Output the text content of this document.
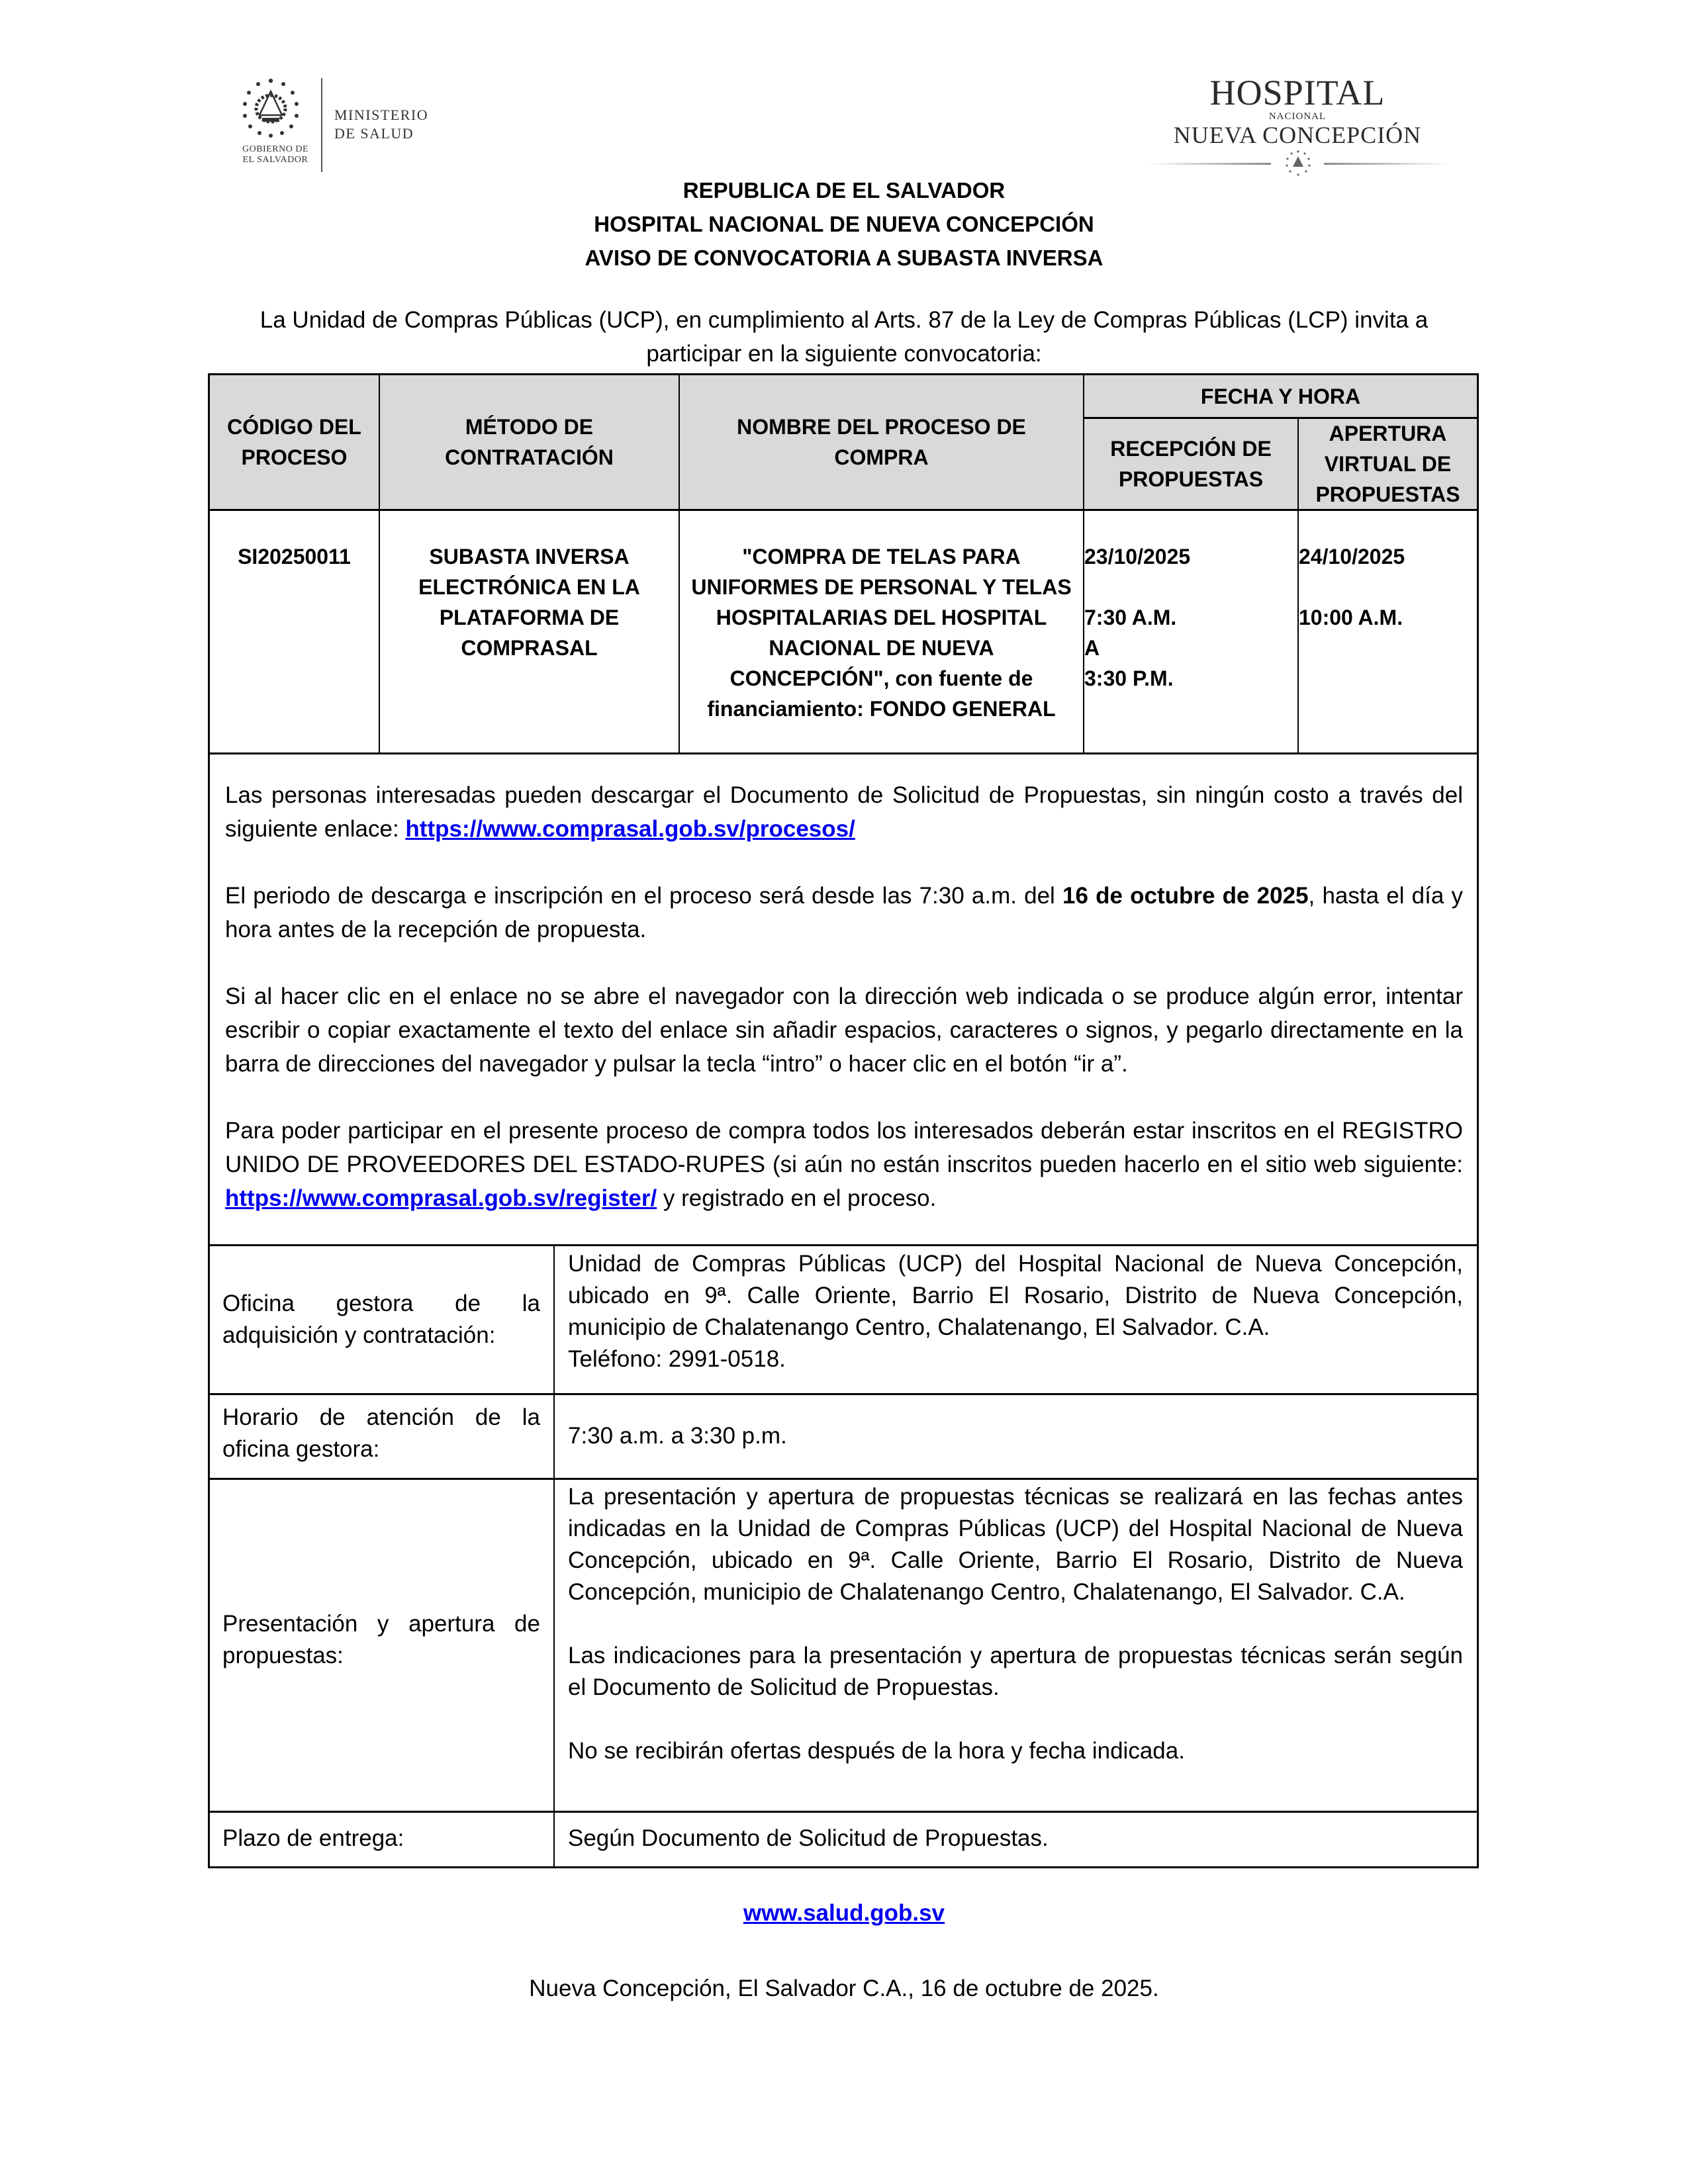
GOBIERNO DE
EL SALVADOR
MINISTERIO
DE SALUD
HOSPITAL
NACIONAL
NUEVA CONCEPCIÓN
REPUBLICA DE EL SALVADOR
HOSPITAL NACIONAL DE NUEVA CONCEPCIÓN
AVISO DE CONVOCATORIA A SUBASTA INVERSA
La Unidad de Compras Públicas (UCP), en cumplimiento al Arts. 87 de la Ley de Compras Públicas (LCP) invita a participar en la siguiente convocatoria:
CÓDIGO DEL PROCESO
MÉTODO DE CONTRATACIÓN
NOMBRE DEL PROCESO DE COMPRA
FECHA Y HORA
RECEPCIÓN DE PROPUESTAS
APERTURA VIRTUAL DE PROPUESTAS
SI20250011	SUBASTA INVERSA ELECTRÓNICA EN LA PLATAFORMA DE COMPRASAL
"COMPRA DE TELAS PARA UNIFORMES DE PERSONAL Y TELAS HOSPITALARIAS DEL HOSPITAL NACIONAL DE NUEVA CONCEPCIÓN", con fuente de financiamiento: FONDO GENERAL
23/10/2025
7:30 A.M.
A
3:30 P.M.
24/10/2025
10:00 A.M.
Las personas interesadas pueden descargar el Documento de Solicitud de Propuestas, sin ningún costo a través del siguiente enlace: https://www.comprasal.gob.sv/procesos/
El periodo de descarga e inscripción en el proceso será desde las 7:30 a.m. del 16 de octubre de 2025, hasta el día y hora antes de la recepción de propuesta.
Si al hacer clic en el enlace no se abre el navegador con la dirección web indicada o se produce algún error, intentar escribir o copiar exactamente el texto del enlace sin añadir espacios, caracteres o signos, y pegarlo directamente en la barra de direcciones del navegador y pulsar la tecla “intro” o hacer clic en el botón “ir a”.
Para poder participar en el presente proceso de compra todos los interesados deberán estar inscritos en el REGISTRO UNIDO DE PROVEEDORES DEL ESTADO-RUPES (si aún no están inscritos pueden hacerlo en el sitio web siguiente: https://www.comprasal.gob.sv/register/ y registrado en el proceso.
Oficina gestora de la adquisición y contratación:
Unidad de Compras Públicas (UCP) del Hospital Nacional de Nueva Concepción, ubicado en 9ª. Calle Oriente, Barrio El Rosario, Distrito de Nueva Concepción, municipio de Chalatenango Centro, Chalatenango, El Salvador. C.A.
Teléfono: 2991-0518.
Horario de atención de la oficina gestora:
7:30 a.m. a 3:30 p.m.
Presentación y apertura de propuestas:
La presentación y apertura de propuestas técnicas se realizará en las fechas antes indicadas en la Unidad de Compras Públicas (UCP) del Hospital Nacional de Nueva Concepción, ubicado en 9ª. Calle Oriente, Barrio El Rosario, Distrito de Nueva Concepción, municipio de Chalatenango Centro, Chalatenango, El Salvador. C.A.
Las indicaciones para la presentación y apertura de propuestas técnicas serán según el Documento de Solicitud de Propuestas.
No se recibirán ofertas después de la hora y fecha indicada.
Plazo de entrega:	Según Documento de Solicitud de Propuestas.
www.salud.gob.sv
Nueva Concepción, El Salvador C.A., 16 de octubre de 2025.
